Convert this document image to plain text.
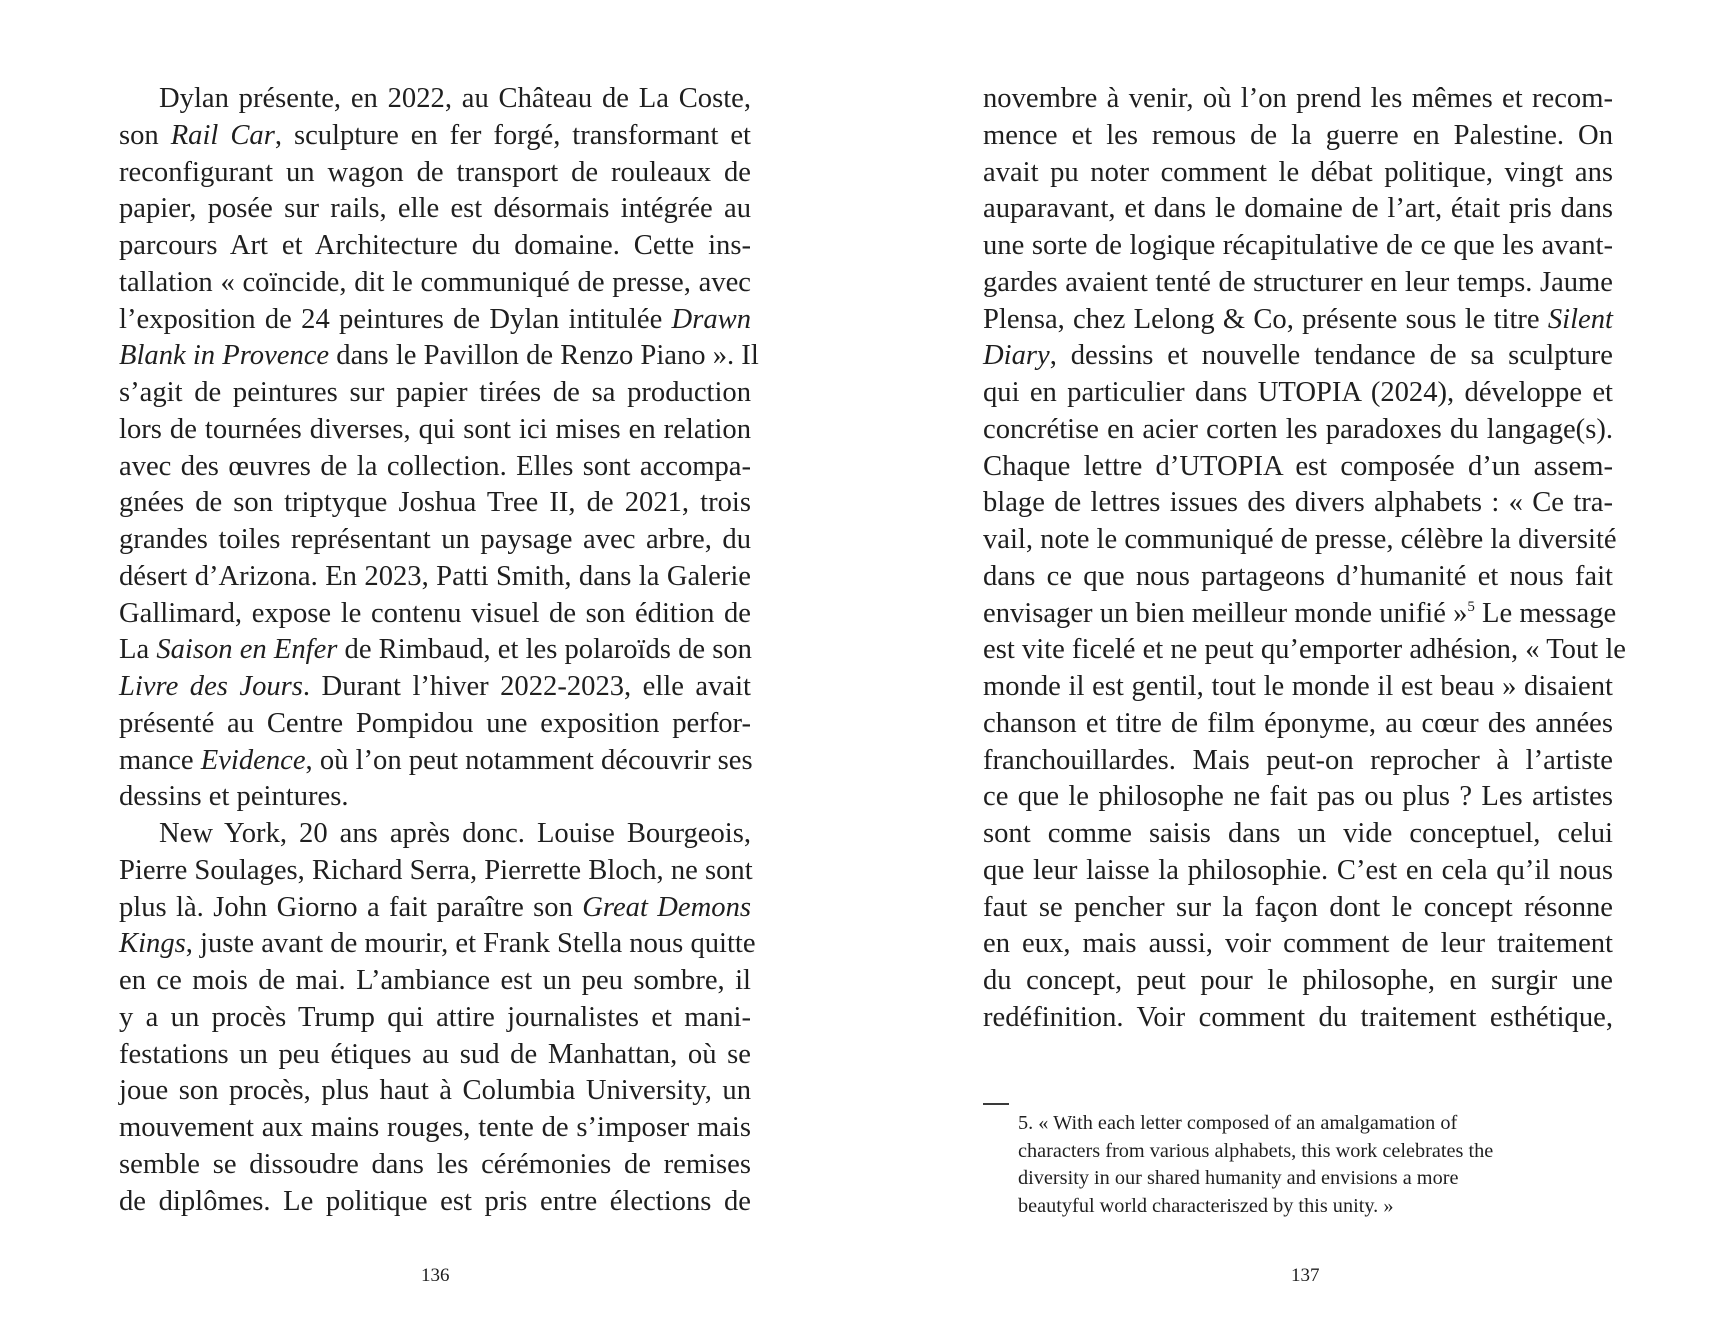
Dylan présente, en 2022, au Château de La Coste,
son Rail Car, sculpture en fer forgé, transformant et
reconfigurant un wagon de transport de rouleaux de
papier, posée sur rails, elle est désormais intégrée au
parcours Art et Architecture du domaine. Cette ins-
tallation « coïncide, dit le communiqué de presse, avec
l’exposition de 24 peintures de Dylan intitulée Drawn
Blank in Provence dans le Pavillon de Renzo Piano ». Il
s’agit de peintures sur papier tirées de sa production
lors de tournées diverses, qui sont ici mises en relation
avec des œuvres de la collection. Elles sont accompa-
gnées de son triptyque Joshua Tree II, de 2021, trois
grandes toiles représentant un paysage avec arbre, du
désert d’Arizona. En 2023, Patti Smith, dans la Galerie
Gallimard, expose le contenu visuel de son édition de
La Saison en Enfer de Rimbaud, et les polaroïds de son
Livre des Jours. Durant l’hiver 2022-2023, elle avait
présenté au Centre Pompidou une exposition perfor-
mance Evidence, où l’on peut notamment découvrir ses
dessins et peintures.
New York, 20 ans après donc. Louise Bourgeois,
Pierre Soulages, Richard Serra, Pierrette Bloch, ne sont
plus là. John Giorno a fait paraître son Great Demons
Kings, juste avant de mourir, et Frank Stella nous quitte
en ce mois de mai. L’ambiance est un peu sombre, il
y a un procès Trump qui attire journalistes et mani-
festations un peu étiques au sud de Manhattan, où se
joue son procès, plus haut à Columbia University, un
mouvement aux mains rouges, tente de s’imposer mais
semble se dissoudre dans les cérémonies de remises
de diplômes. Le politique est pris entre élections de
136
novembre à venir, où l’on prend les mêmes et recom-
mence et les remous de la guerre en Palestine. On
avait pu noter comment le débat politique, vingt ans
auparavant, et dans le domaine de l’art, était pris dans
une sorte de logique récapitulative de ce que les avant-
gardes avaient tenté de structurer en leur temps. Jaume
Plensa, chez Lelong & Co, présente sous le titre Silent
Diary, dessins et nouvelle tendance de sa sculpture
qui en particulier dans UTOPIA (2024), développe et
concrétise en acier corten les paradoxes du langage(s).
Chaque lettre d’UTOPIA est composée d’un assem-
blage de lettres issues des divers alphabets : « Ce tra-
vail, note le communiqué de presse, célèbre la diversité
dans ce que nous partageons d’humanité et nous fait
envisager un bien meilleur monde unifié »$^5$ Le message
est vite ficelé et ne peut qu’emporter adhésion, « Tout le
monde il est gentil, tout le monde il est beau » disaient
chanson et titre de film éponyme, au cœur des années
franchouillardes. Mais peut-on reprocher à l’artiste
ce que le philosophe ne fait pas ou plus ? Les artistes
sont comme saisis dans un vide conceptuel, celui
que leur laisse la philosophie. C’est en cela qu’il nous
faut se pencher sur la façon dont le concept résonne
en eux, mais aussi, voir comment de leur traitement
du concept, peut pour le philosophe, en surgir une
redéfinition. Voir comment du traitement esthétique,
5. « With each letter composed of an amalgamation of
characters from various alphabets, this work celebrates the
diversity in our shared humanity and envisions a more
beautyful world characteriszed by this unity. »
137
